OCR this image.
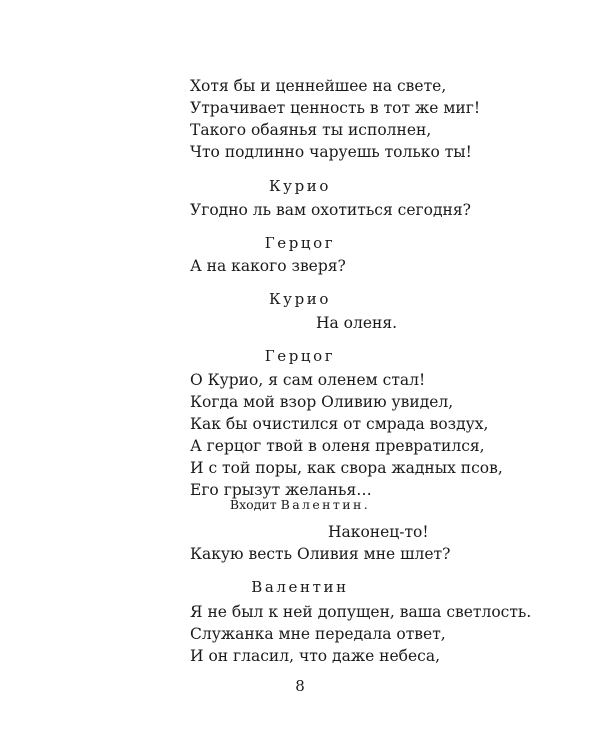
Хотя бы и ценнейшее на свете,
Утрачивает ценность в тот же миг!
Такого обаянья ты исполнен,
Что подлинно чаруешь только ты!
Курио
Угодно ль вам охотиться сегодня?
Герцог
А на какого зверя?
Курио
На оленя.
Герцог
О Курио, я сам оленем стал!
Когда мой взор Оливию увидел,
Как бы очистился от смрада воздух,
А герцог твой в оленя превратился,
И с той поры, как свора жадных псов,
Его грызут желанья…
Входит Валентин.
Наконец-то!
Какую весть Оливия мне шлет?
Валентин
Я не был к ней допущен, ваша светлость.
Служанка мне передала ответ,
И он гласил, что даже небеса,
8
